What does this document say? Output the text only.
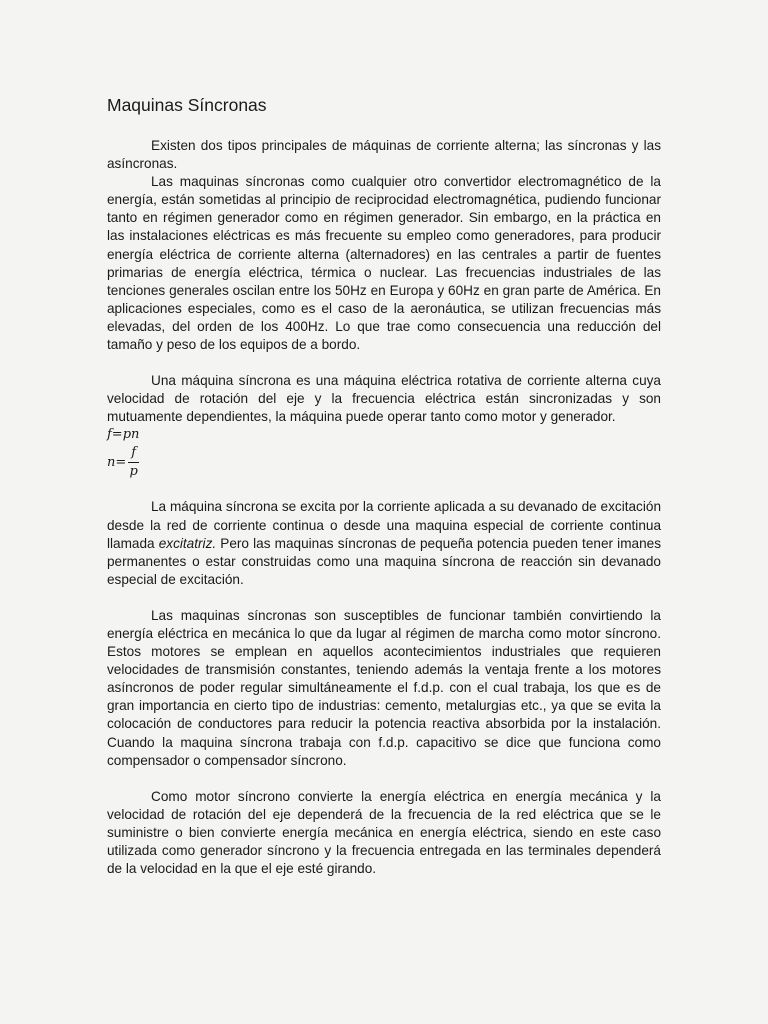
Maquinas Síncronas

Existen dos tipos principales de máquinas de corriente alterna; las síncronas y las asíncronas.

Las maquinas síncronas como cualquier otro convertidor electromagnético de la energía, están sometidas al principio de reciprocidad electromagnética, pudiendo funcionar tanto en régimen generador como en régimen generador. Sin embargo, en la práctica en las instalaciones eléctricas es más frecuente su empleo como generadores, para producir energía eléctrica de corriente alterna (alternadores) en las centrales a partir de fuentes primarias de energía eléctrica, térmica o nuclear. Las frecuencias industriales de las tenciones generales oscilan entre los 50Hz en Europa y 60Hz en gran parte de América. En aplicaciones especiales, como es el caso de la aeronáutica, se utilizan frecuencias más elevadas, del orden de los 400Hz. Lo que trae como consecuencia una reducción del tamaño y peso de los equipos de a bordo.

Una máquina síncrona es una máquina eléctrica rotativa de corriente alterna cuya velocidad de rotación del eje y la frecuencia eléctrica están sincronizadas y son mutuamente dependientes, la máquina puede operar tanto como motor y generador.

f=pn
$n= \frac{f}{p}$

La máquina síncrona se excita por la corriente aplicada a su devanado de excitación desde la red de corriente continua o desde una maquina especial de corriente continua llamada excitatriz. Pero las maquinas síncronas de pequeña potencia pueden tener imanes permanentes o estar construidas como una maquina síncrona de reacción sin devanado especial de excitación.

Las maquinas síncronas son susceptibles de funcionar también convirtiendo la energía eléctrica en mecánica lo que da lugar al régimen de marcha como motor síncrono. Estos motores se emplean en aquellos acontecimientos industriales que requieren velocidades de transmisión constantes, teniendo además la ventaja frente a los motores asíncronos de poder regular simultáneamente el f.d.p. con el cual trabaja, los que es de gran importancia en cierto tipo de industrias: cemento, metalurgias etc., ya que se evita la colocación de conductores para reducir la potencia reactiva absorbida por la instalación. Cuando la maquina síncrona trabaja con f.d.p. capacitivo se dice que funciona como compensador o compensador síncrono.

Como motor síncrono convierte la energía eléctrica en energía mecánica y la velocidad de rotación del eje dependerá de la frecuencia de la red eléctrica que se le suministre o bien convierte energía mecánica en energía eléctrica, siendo en este caso utilizada como generador síncrono y la frecuencia entregada en las terminales dependerá de la velocidad en la que el eje esté girando.
